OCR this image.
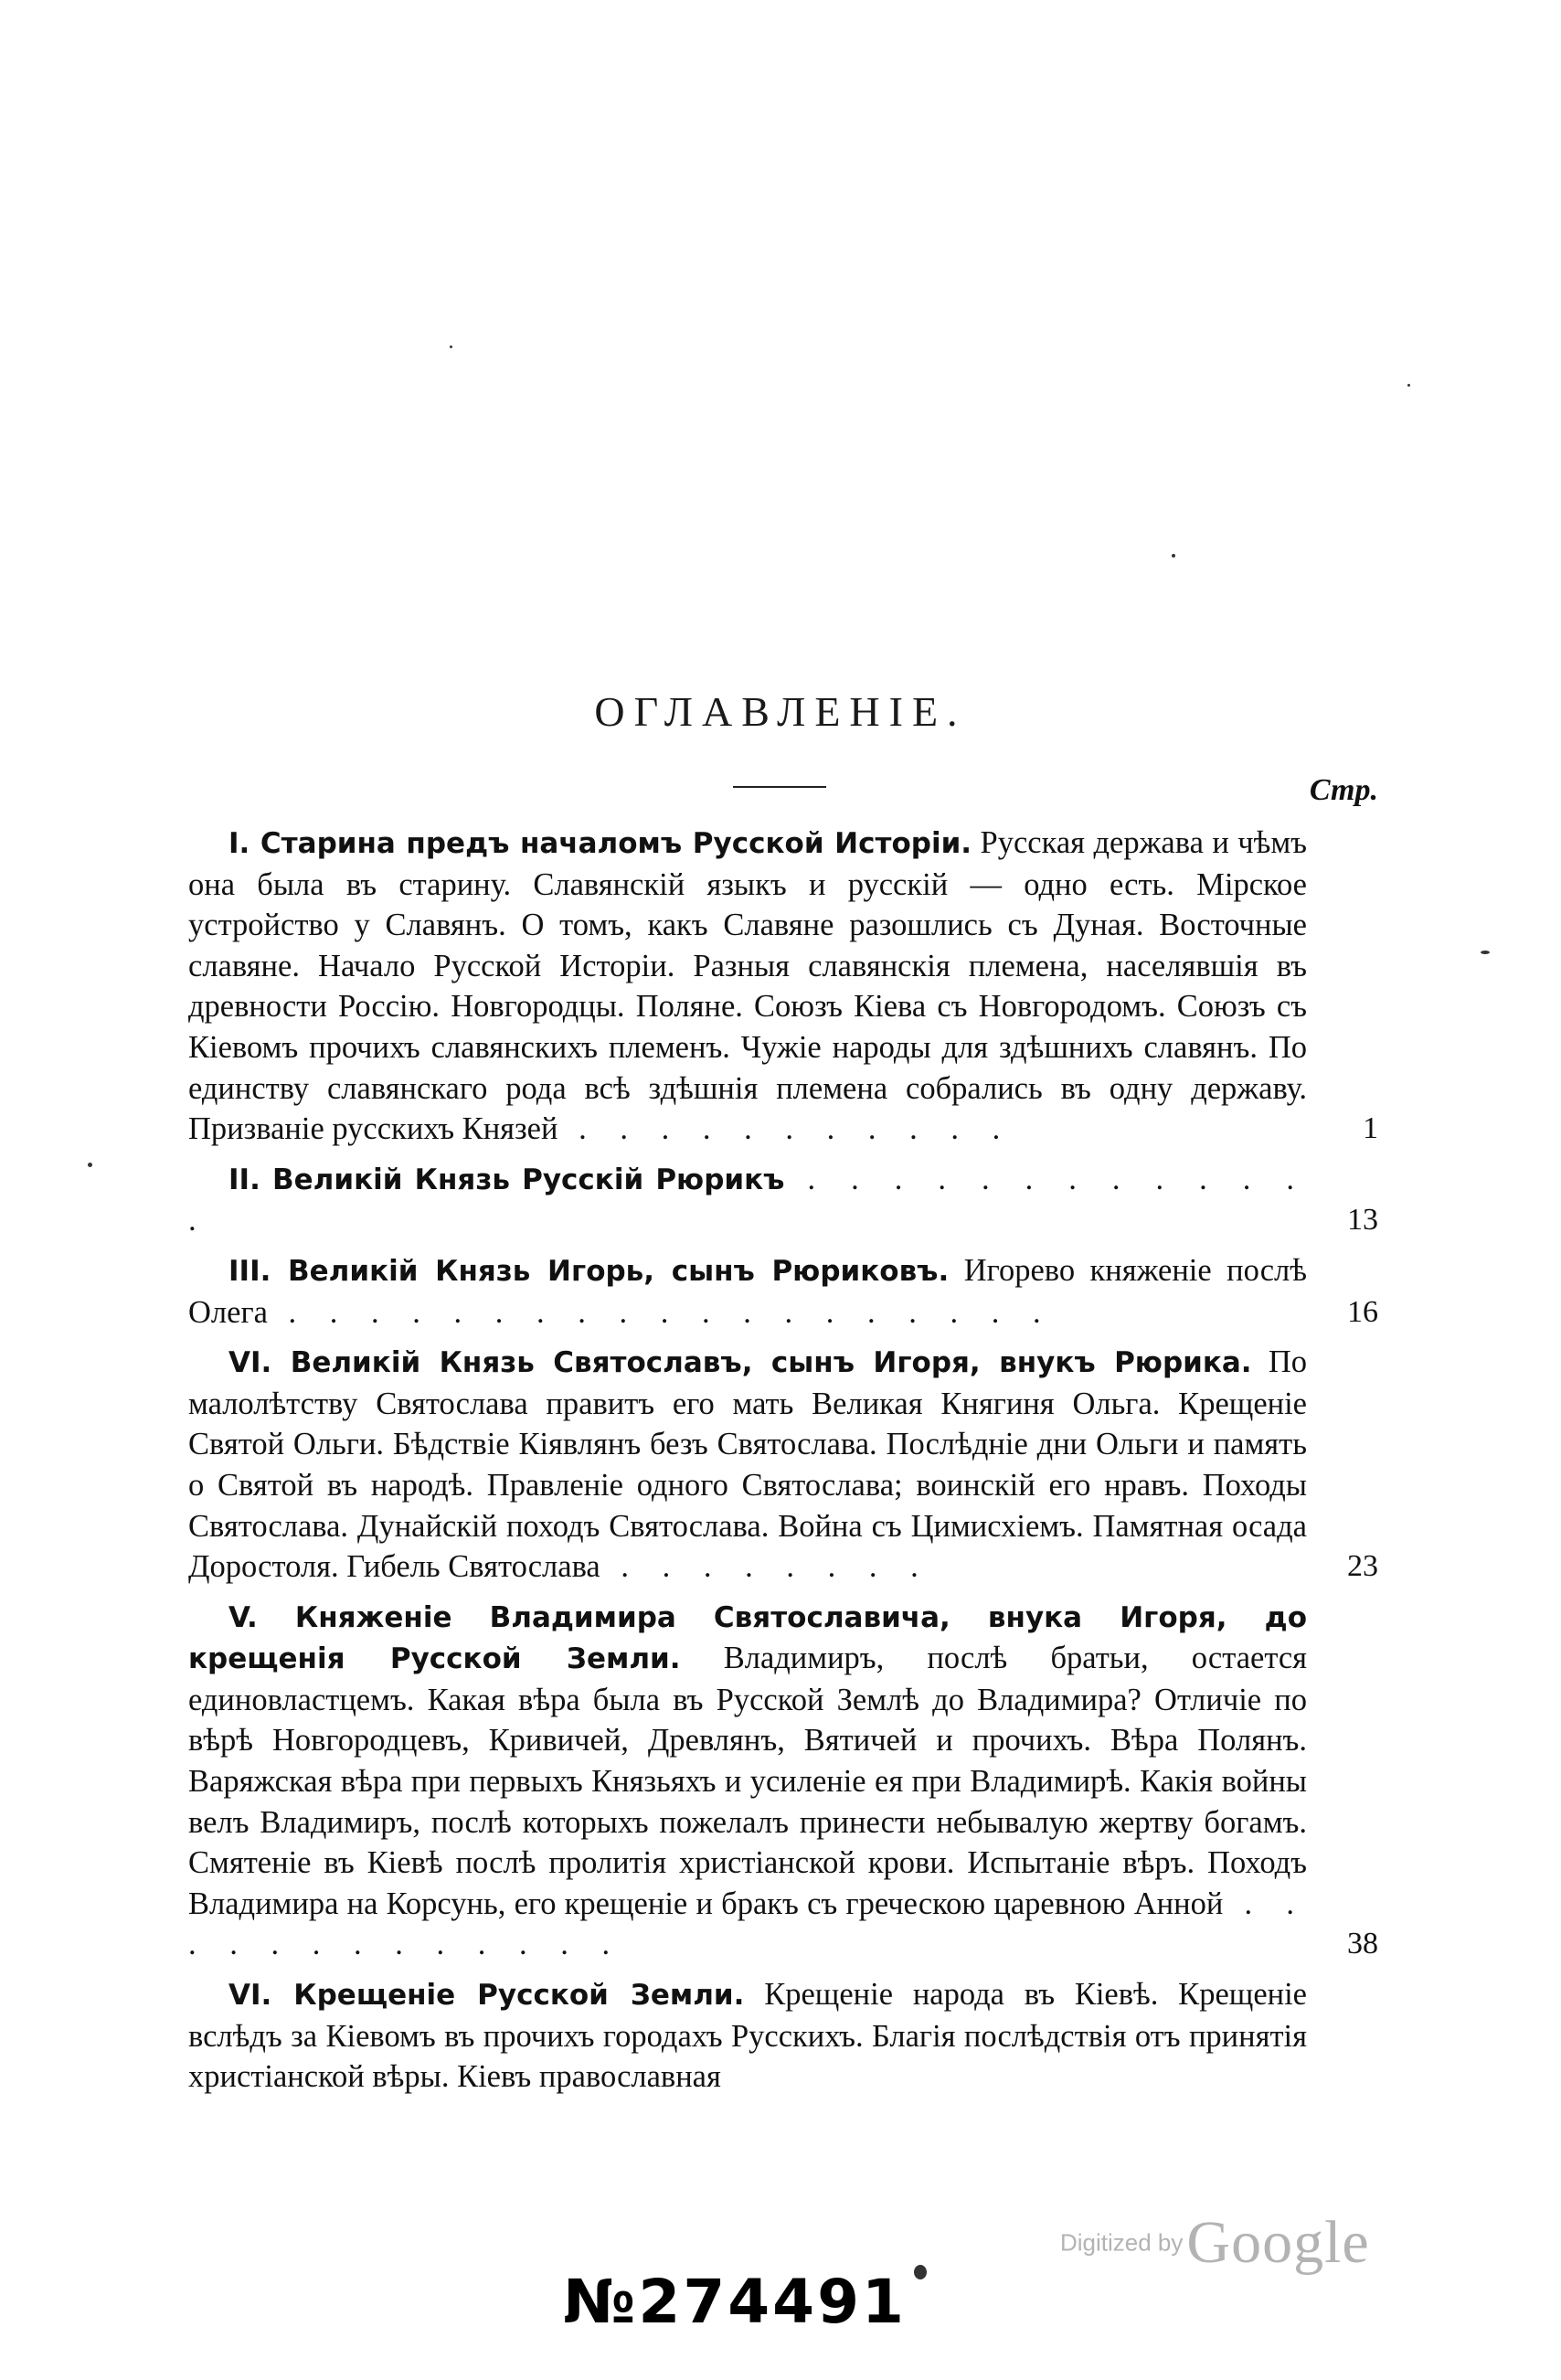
ОГЛАВЛЕНІЕ.
Стр.

I. Старина предъ началомъ Русской Исторіи. Русская держава и чѣмъ она была въ старину. Славянскій языкъ и русскій — одно есть. Мірское устройство у Славянъ. О томъ, какъ Славяне разошлись съ Дуная. Восточные славяне. Начало Русской Исторіи. Разныя славянскія племена, населявшія въ древности Россію. Новгородцы. Поляне. Союзъ Кіева съ Новгородомъ. Союзъ съ Кіевомъ прочихъ славянскихъ племенъ. Чужіе народы для здѣшнихъ славянъ. По единству славянскаго рода всѣ здѣшнія племена собрались въ одну державу. Призваніе русскихъ Князей . . . . . . . . . . .	1

II. Великій Князь Русскій Рюрикъ . . . . . . . . . . . . .	13

III. Великій Князь Игорь, сынъ Рюриковъ. Игорево княженіе послѣ Олега . . . . . . . . . . . . . . . . . . .	16

VI. Великій Князь Святославъ, сынъ Игоря, внукъ Рюрика. По малолѣтству Святослава правитъ его мать Великая Княгиня Ольга. Крещеніе Святой Ольги. Бѣдствіе Кіявлянъ безъ Святослава. Послѣдніе дни Ольги и память о Святой въ народѣ. Правленіе одного Святослава; воинскій его нравъ. Походы Святослава. Дунайскій походъ Святослава. Война съ Цимисхіемъ. Памятная осада Доростоля. Гибель Святослава . . . . . . . .	23

V. Княженіе Владимира Святославича, внука Игоря, до крещенія Русской Земли. Владимиръ, послѣ братьи, остается единовластцемъ. Какая вѣра была въ Русской Землѣ до Владимира? Отличіе по вѣрѣ Новгородцевъ, Кривичей, Древлянъ, Вятичей и прочихъ. Вѣра Полянъ. Варяжская вѣра при первыхъ Князьяхъ и усиленіе ея при Владимирѣ. Какія войны велъ Владимиръ, послѣ которыхъ пожелалъ принести небывалую жертву богамъ. Смятеніе въ Кіевѣ послѣ пролитія христіанской крови. Испытаніе вѣръ. Походъ Владимира на Корсунь, его крещеніе и бракъ съ греческою царевною Анной . . . . . . . . . . . . .	38

VI. Крещеніе Русской Земли. Крещеніе народа въ Кіевѣ. Крещеніе вслѣдъ за Кіевомъ въ прочихъ городахъ Русскихъ. Благія послѣдствія отъ принятія христіанской вѣры. Кіевъ православная

Digitized by Google
№274491
